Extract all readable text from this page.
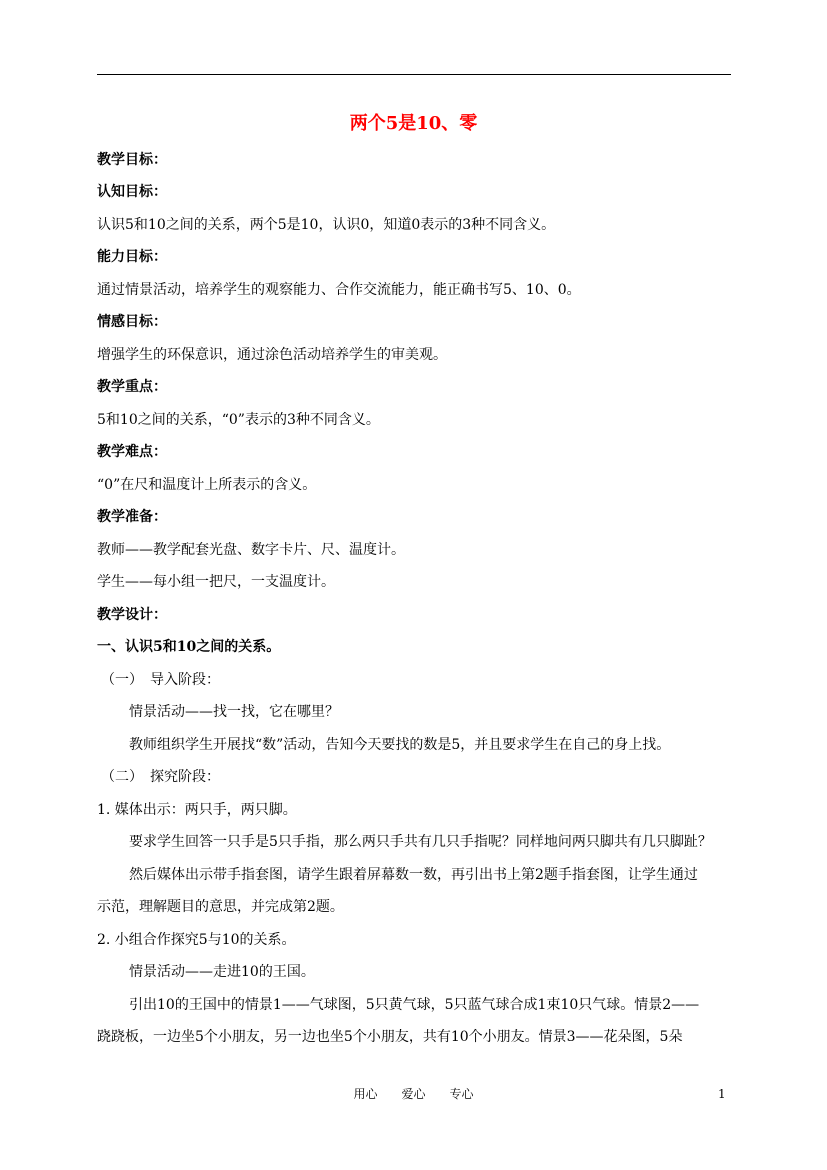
两个5是10、零
教学目标：
认知目标：
认识5和10之间的关系，两个5是10，认识0，知道0表示的3种不同含义。
能力目标：
通过情景活动，培养学生的观察能力、合作交流能力，能正确书写5、10、0。
情感目标：
增强学生的环保意识，通过涂色活动培养学生的审美观。
教学重点：
5和10之间的关系，“0”表示的3种不同含义。
教学难点：
“0”在尺和温度计上所表示的含义。
教学准备：
教师——教学配套光盘、数字卡片、尺、温度计。
学生——每小组一把尺，一支温度计。
教学设计：
一、认识5和10之间的关系。
（一）　导入阶段：
情景活动——找一找，它在哪里？
教师组织学生开展找“数”活动，告知今天要找的数是5，并且要求学生在自己的身上找。
（二）　探究阶段：
1. 媒体出示：两只手，两只脚。
要求学生回答一只手是5只手指，那么两只手共有几只手指呢？同样地问两只脚共有几只脚趾？
然后媒体出示带手指套图，请学生跟着屏幕数一数，再引出书上第2题手指套图，让学生通过
示范，理解题目的意思，并完成第2题。
2. 小组合作探究5与10的关系。
情景活动——走进10的王国。
引出10的王国中的情景1——气球图，5只黄气球，5只蓝气球合成1束10只气球。情景2——
跷跷板，一边坐5个小朋友，另一边也坐5个小朋友，共有10个小朋友。情景3——花朵图，5朵
用心　　爱心　　专心	1
